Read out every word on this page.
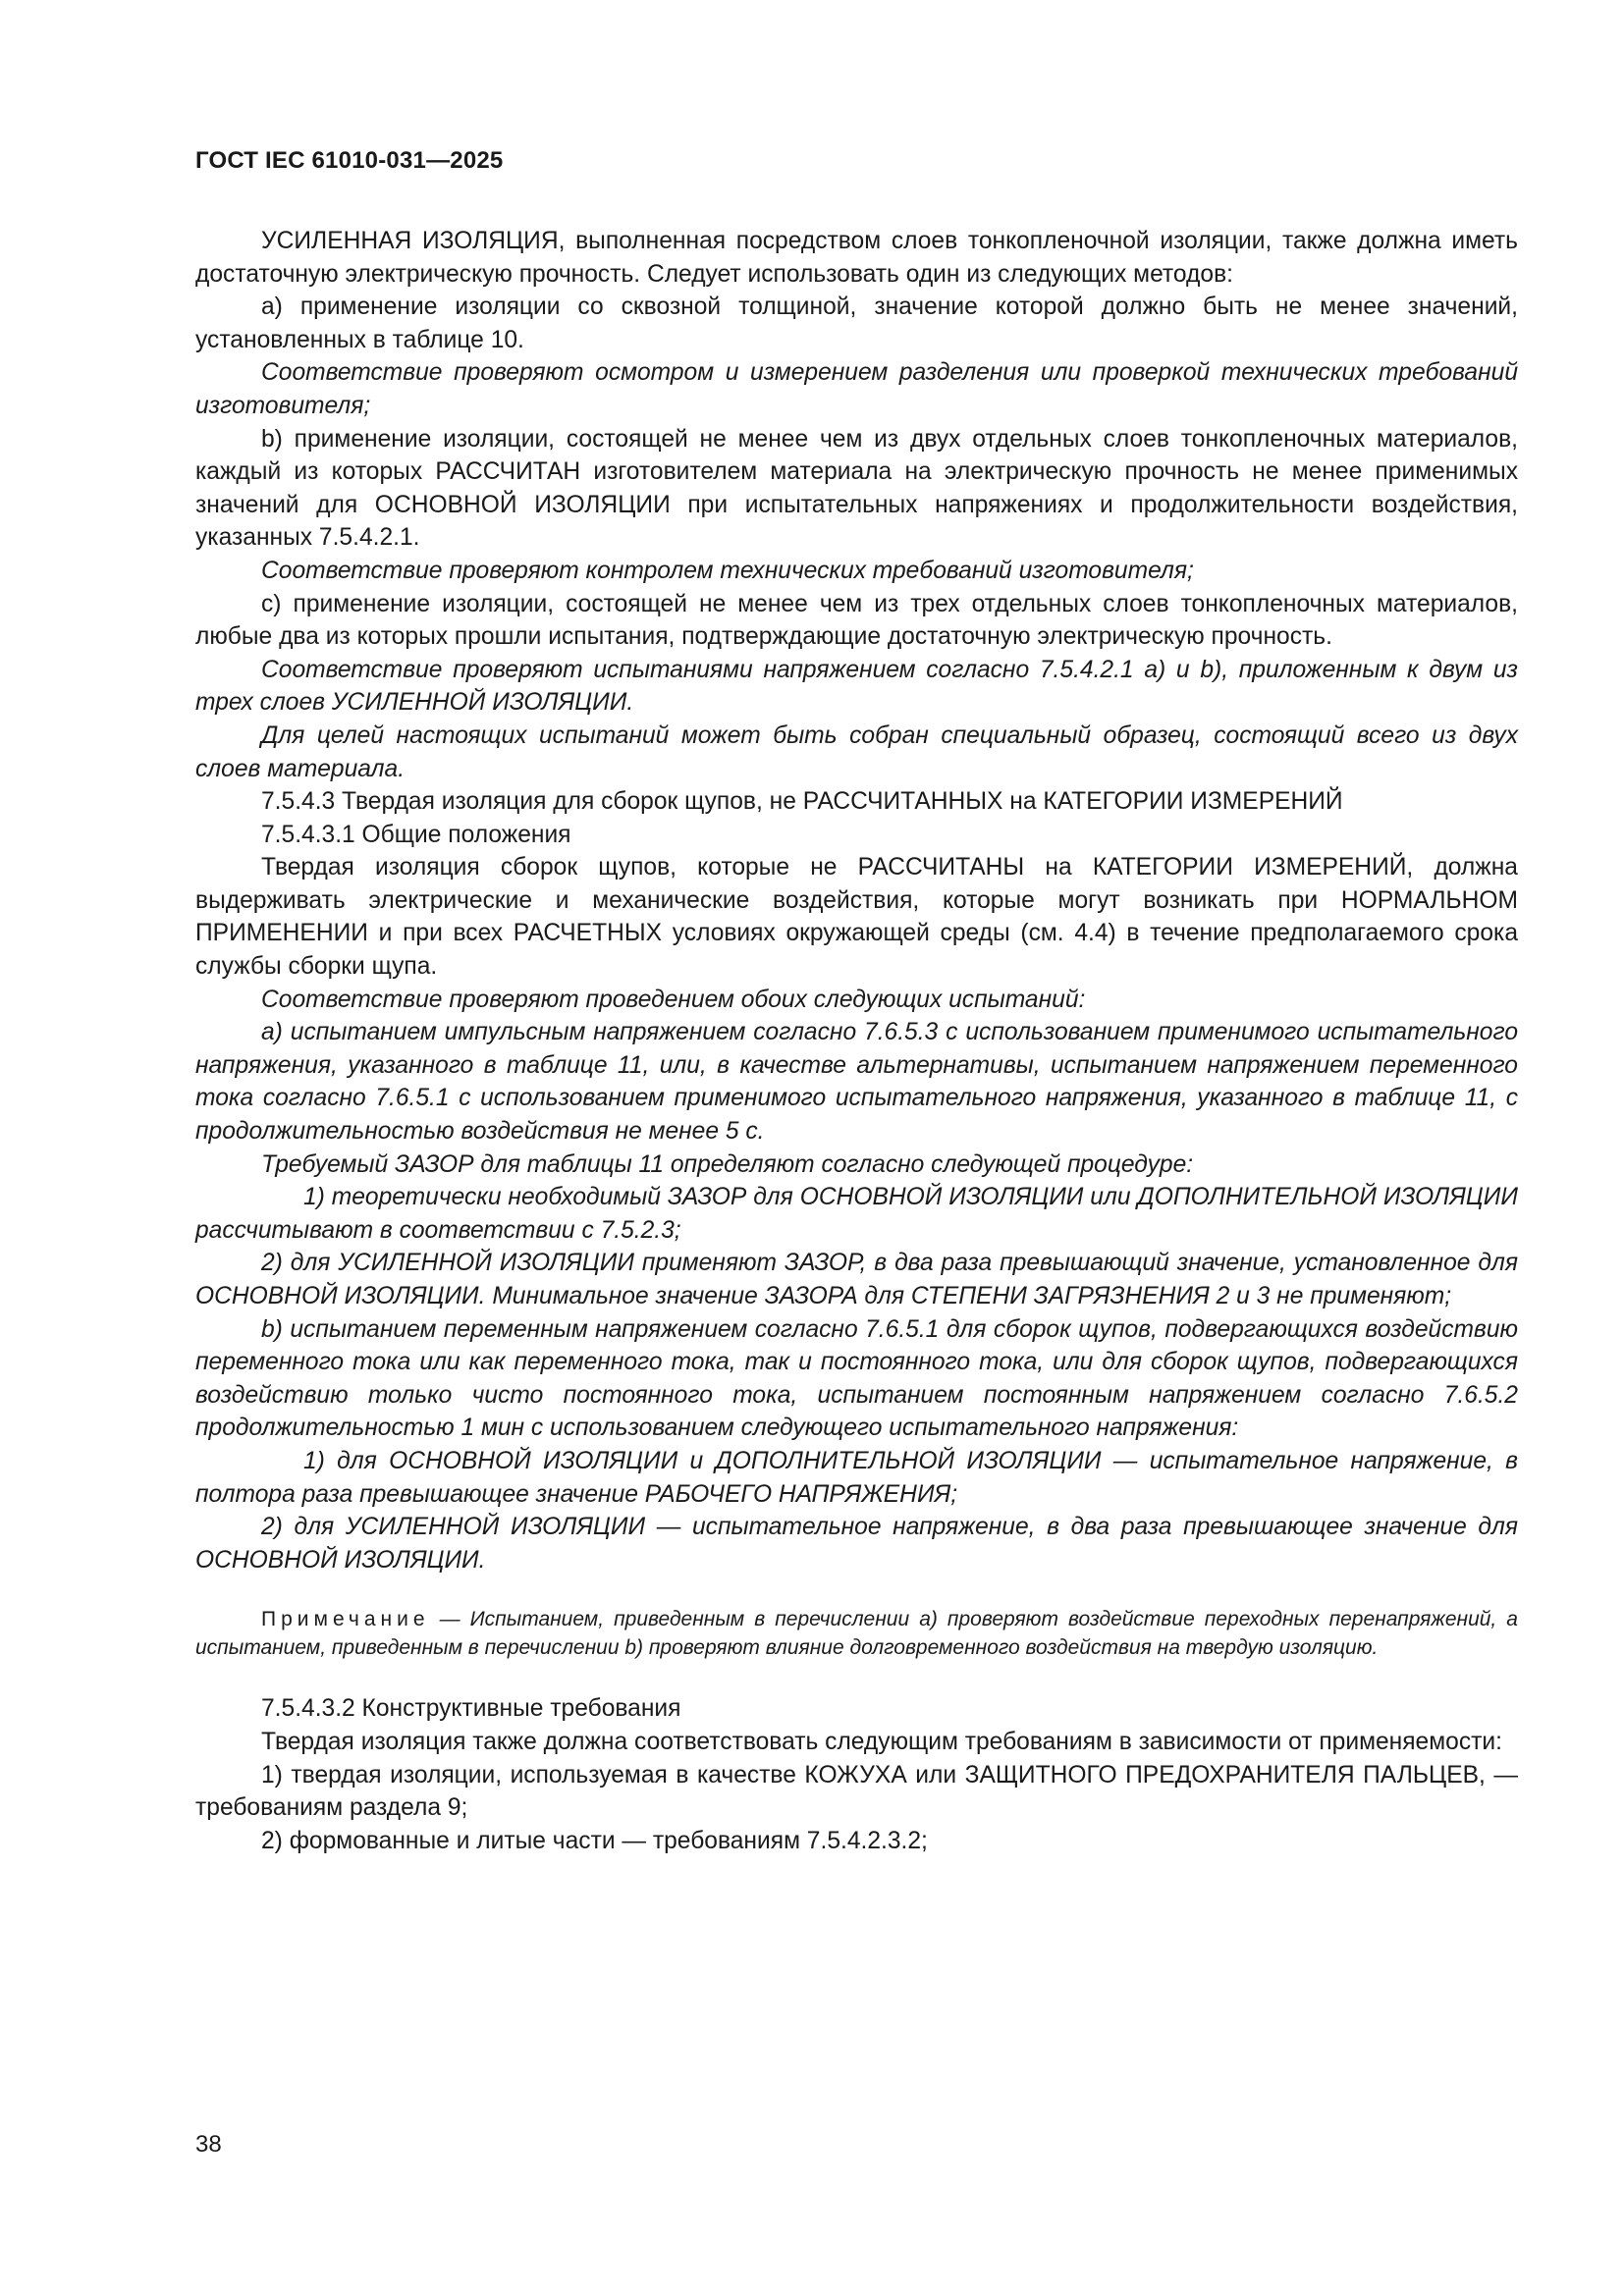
ГОСТ IEC 61010-031—2025

УСИЛЕННАЯ ИЗОЛЯЦИЯ, выполненная посредством слоев тонкопленочной изоляции, также должна иметь достаточную электрическую прочность. Следует использовать один из следующих методов:

a) применение изоляции со сквозной толщиной, значение которой должно быть не менее значений, установленных в таблице 10.

Соответствие проверяют осмотром и измерением разделения или проверкой технических требований изготовителя;

b) применение изоляции, состоящей не менее чем из двух отдельных слоев тонкопленочных материалов, каждый из которых РАССЧИТАН изготовителем материала на электрическую прочность не менее применимых значений для ОСНОВНОЙ ИЗОЛЯЦИИ при испытательных напряжениях и продолжительности воздействия, указанных 7.5.4.2.1.

Соответствие проверяют контролем технических требований изготовителя;

c) применение изоляции, состоящей не менее чем из трех отдельных слоев тонкопленочных материалов, любые два из которых прошли испытания, подтверждающие достаточную электрическую прочность.

Соответствие проверяют испытаниями напряжением согласно 7.5.4.2.1 a) и b), приложенным к двум из трех слоев УСИЛЕННОЙ ИЗОЛЯЦИИ.

Для целей настоящих испытаний может быть собран специальный образец, состоящий всего из двух слоев материала.

7.5.4.3 Твердая изоляция для сборок щупов, не РАССЧИТАННЫХ на КАТЕГОРИИ ИЗМЕРЕНИЙ

7.5.4.3.1 Общие положения

Твердая изоляция сборок щупов, которые не РАССЧИТАНЫ на КАТЕГОРИИ ИЗМЕРЕНИЙ, должна выдерживать электрические и механические воздействия, которые могут возникать при НОРМАЛЬНОМ ПРИМЕНЕНИИ и при всех РАСЧЕТНЫХ условиях окружающей среды (см. 4.4) в течение предполагаемого срока службы сборки щупа.

Соответствие проверяют проведением обоих следующих испытаний:

a) испытанием импульсным напряжением согласно 7.6.5.3 с использованием применимого испытательного напряжения, указанного в таблице 11, или, в качестве альтернативы, испытанием напряжением переменного тока согласно 7.6.5.1 с использованием применимого испытательного напряжения, указанного в таблице 11, с продолжительностью воздействия не менее 5 с.

Требуемый ЗАЗОР для таблицы 11 определяют согласно следующей процедуре:

1) теоретически необходимый ЗАЗОР для ОСНОВНОЙ ИЗОЛЯЦИИ или ДОПОЛНИТЕЛЬНОЙ ИЗОЛЯЦИИ рассчитывают в соответствии с 7.5.2.3;

2) для УСИЛЕННОЙ ИЗОЛЯЦИИ применяют ЗАЗОР, в два раза превышающий значение, установленное для ОСНОВНОЙ ИЗОЛЯЦИИ. Минимальное значение ЗАЗОРА для СТЕПЕНИ ЗАГРЯЗНЕНИЯ 2 и 3 не применяют;

b) испытанием переменным напряжением согласно 7.6.5.1 для сборок щупов, подвергающихся воздействию переменного тока или как переменного тока, так и постоянного тока, или для сборок щупов, подвергающихся воздействию только чисто постоянного тока, испытанием постоянным напряжением согласно 7.6.5.2 продолжительностью 1 мин с использованием следующего испытательного напряжения:

1) для ОСНОВНОЙ ИЗОЛЯЦИИ и ДОПОЛНИТЕЛЬНОЙ ИЗОЛЯЦИИ — испытательное напряжение, в полтора раза превышающее значение РАБОЧЕГО НАПРЯЖЕНИЯ;

2) для УСИЛЕННОЙ ИЗОЛЯЦИИ — испытательное напряжение, в два раза превышающее значение для ОСНОВНОЙ ИЗОЛЯЦИИ.

Примечание — Испытанием, приведенным в перечислении a) проверяют воздействие переходных перенапряжений, а испытанием, приведенным в перечислении b) проверяют влияние долговременного воздействия на твердую изоляцию.

7.5.4.3.2 Конструктивные требования

Твердая изоляция также должна соответствовать следующим требованиям в зависимости от применяемости:

1) твердая изоляции, используемая в качестве КОЖУХА или ЗАЩИТНОГО ПРЕДОХРАНИТЕЛЯ ПАЛЬЦЕВ, — требованиям раздела 9;

2) формованные и литые части — требованиям 7.5.4.2.3.2;

38
